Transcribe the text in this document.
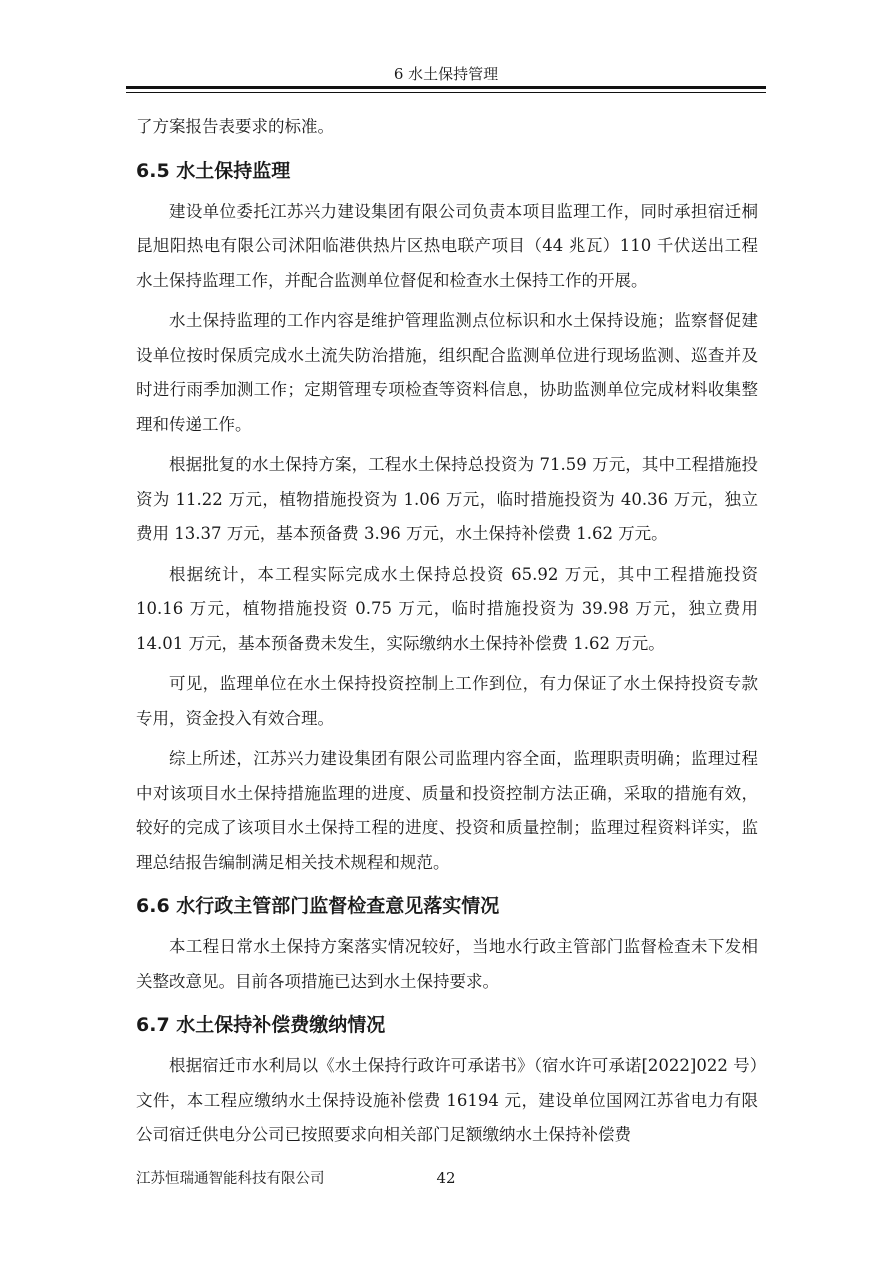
6 水土保持管理

了方案报告表要求的标准。

6.5 水土保持监理

建设单位委托江苏兴力建设集团有限公司负责本项目监理工作，同时承担宿迁桐昆旭阳热电有限公司沭阳临港供热片区热电联产项目（44 兆瓦）110 千伏送出工程水土保持监理工作，并配合监测单位督促和检查水土保持工作的开展。

水土保持监理的工作内容是维护管理监测点位标识和水土保持设施；监察督促建设单位按时保质完成水土流失防治措施，组织配合监测单位进行现场监测、巡查并及时进行雨季加测工作；定期管理专项检查等资料信息，协助监测单位完成材料收集整理和传递工作。

根据批复的水土保持方案，工程水土保持总投资为 71.59 万元，其中工程措施投资为 11.22 万元，植物措施投资为 1.06 万元，临时措施投资为 40.36 万元，独立费用 13.37 万元，基本预备费 3.96 万元，水土保持补偿费 1.62 万元。

根据统计，本工程实际完成水土保持总投资 65.92 万元，其中工程措施投资 10.16 万元，植物措施投资 0.75 万元，临时措施投资为 39.98 万元，独立费用 14.01 万元，基本预备费未发生，实际缴纳水土保持补偿费 1.62 万元。

可见，监理单位在水土保持投资控制上工作到位，有力保证了水土保持投资专款专用，资金投入有效合理。

综上所述，江苏兴力建设集团有限公司监理内容全面，监理职责明确；监理过程中对该项目水土保持措施监理的进度、质量和投资控制方法正确，采取的措施有效，较好的完成了该项目水土保持工程的进度、投资和质量控制；监理过程资料详实，监理总结报告编制满足相关技术规程和规范。

6.6 水行政主管部门监督检查意见落实情况

本工程日常水土保持方案落实情况较好，当地水行政主管部门监督检查未下发相关整改意见。目前各项措施已达到水土保持要求。

6.7 水土保持补偿费缴纳情况

根据宿迁市水利局以《水土保持行政许可承诺书》（宿水许可承诺[2022]022 号）文件，本工程应缴纳水土保持设施补偿费 16194 元，建设单位国网江苏省电力有限公司宿迁供电分公司已按照要求向相关部门足额缴纳水土保持补偿费

江苏恒瑞通智能科技有限公司	42
